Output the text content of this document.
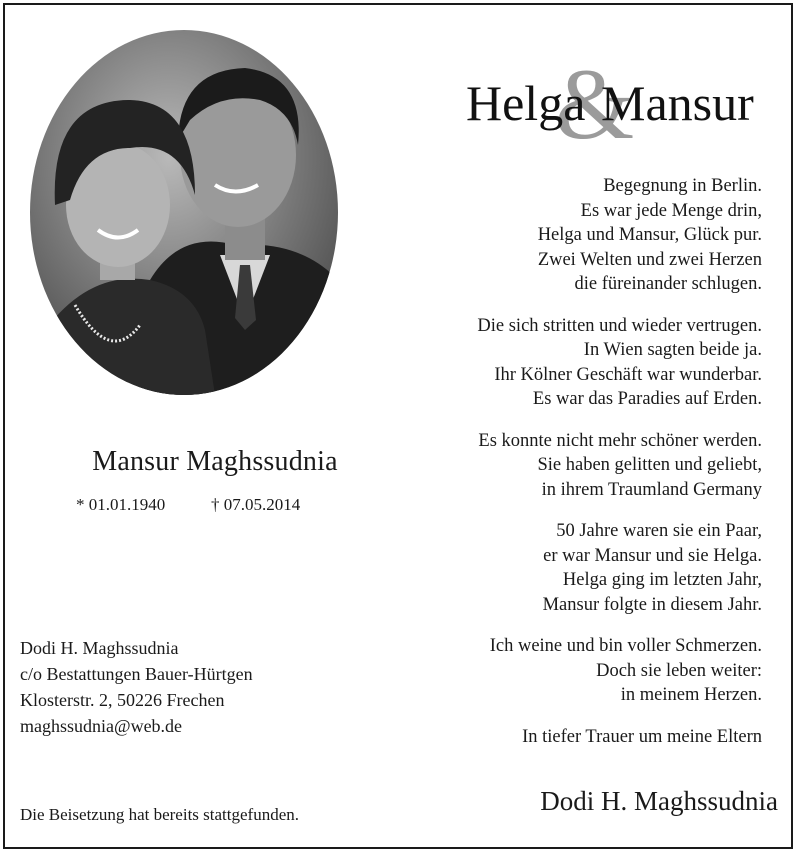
Mansur Maghssudnia
* 01.01.1940	† 07.05.2014
Dodi H. Maghssudnia
c/o Bestattungen Bauer-Hürtgen
Klosterstr. 2, 50226 Frechen
maghssudnia@web.de
Die Beisetzung hat bereits stattgefunden.
&
Helga Mansur
Begegnung in Berlin.
Es war jede Menge drin,
Helga und Mansur, Glück pur.
Zwei Welten und zwei Herzen
die füreinander schlugen.
Die sich stritten und wieder vertrugen.
In Wien sagten beide ja.
Ihr Kölner Geschäft war wunderbar.
Es war das Paradies auf Erden.
Es konnte nicht mehr schöner werden.
Sie haben gelitten und geliebt,
in ihrem Traumland Germany
50 Jahre waren sie ein Paar,
er war Mansur und sie Helga.
Helga ging im letzten Jahr,
Mansur folgte in diesem Jahr.
Ich weine und bin voller Schmerzen.
Doch sie leben weiter:
in meinem Herzen.
In tiefer Trauer um meine Eltern
Dodi H. Maghssudnia
